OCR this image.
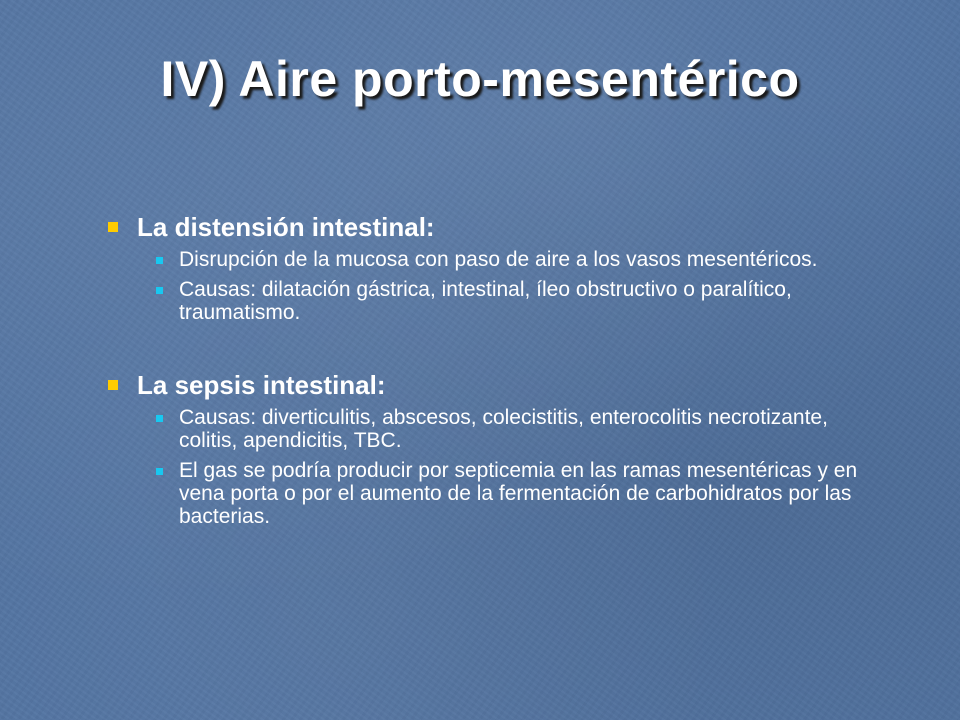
IV) Aire porto-mesentérico
La distensión intestinal:
Disrupción de la mucosa con paso de aire a los vasos mesentéricos.
Causas: dilatación gástrica, intestinal, íleo obstructivo o paralítico, traumatismo.
La sepsis intestinal:
Causas: diverticulitis, abscesos, colecistitis, enterocolitis necrotizante, colitis, apendicitis, TBC.
El gas se podría producir por septicemia en las ramas mesentéricas y en vena porta o por el aumento de la fermentación de carbohidratos por las bacterias.
